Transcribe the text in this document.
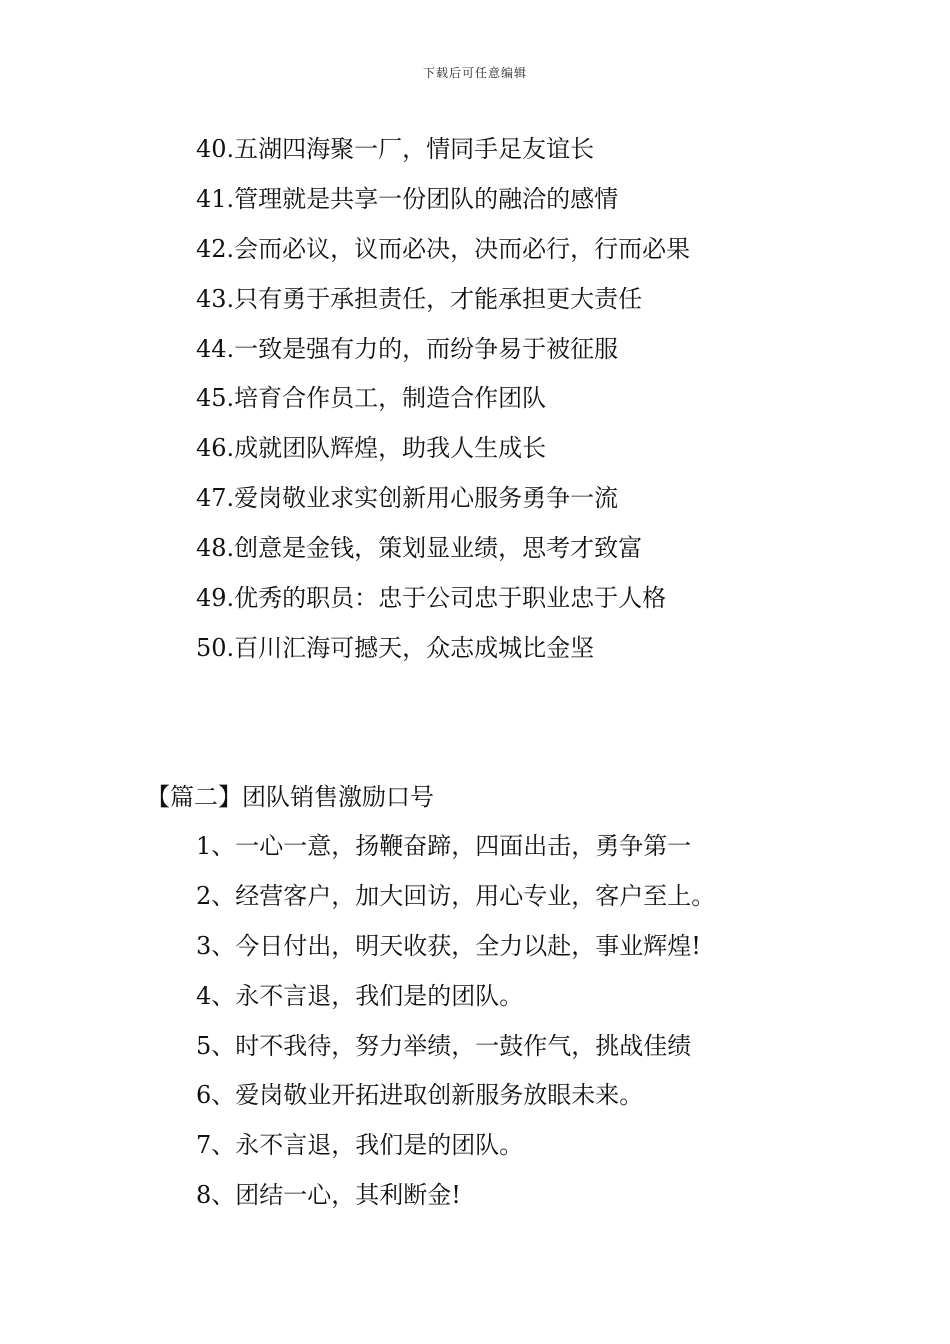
下载后可任意编辑
40.五湖四海聚一厂，情同手足友谊长
41.管理就是共享一份团队的融洽的感情
42.会而必议，议而必决，决而必行，行而必果
43.只有勇于承担责任，才能承担更大责任
44.一致是强有力的，而纷争易于被征服
45.培育合作员工，制造合作团队
46.成就团队辉煌，助我人生成长
47.爱岗敬业求实创新用心服务勇争一流
48.创意是金钱，策划显业绩，思考才致富
49.优秀的职员：忠于公司忠于职业忠于人格
50.百川汇海可撼天，众志成城比金坚
【篇二】团队销售激励口号
1、一心一意，扬鞭奋蹄，四面出击，勇争第一
2、经营客户，加大回访，用心专业，客户至上。
3、今日付出，明天收获，全力以赴，事业辉煌!
4、永不言退，我们是的团队。
5、时不我待，努力举绩，一鼓作气，挑战佳绩
6、爱岗敬业开拓进取创新服务放眼未来。
7、永不言退，我们是的团队。
8、团结一心，其利断金!
